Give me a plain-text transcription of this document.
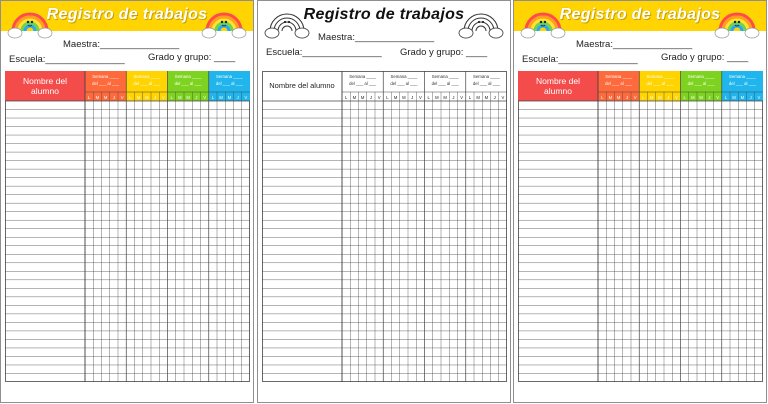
Registro de trabajos
Maestra:_______________
Escuela:_______________ Grado y grupo: ____
Nombre del alumno
Semana ____
del ___ al ___
L M M J V
Semana ____
del ___ al ___
L M M J V
Semana ____
del ___ al ___
L M M J V
Semana ____
del ___ al ___
L M M J V
Registro de trabajos
Maestra:_______________
Escuela:_______________ Grado y grupo: ____
Nombre del alumno
Semana ____
del ___ al ___
L M M J V
Semana ____
del ___ al ___
L M M J V
Semana ____
del ___ al ___
L M M J V
Semana ____
del ___ al ___
L M M J V
Registro de trabajos
Maestra:_______________
Escuela:_______________ Grado y grupo: ____
Nombre del alumno
Semana ____
del ___ al ___
L M M J V
Semana ____
del ___ al ___
L M M J V
Semana ____
del ___ al ___
L M M J V
Semana ____
del ___ al ___
L M M J V
